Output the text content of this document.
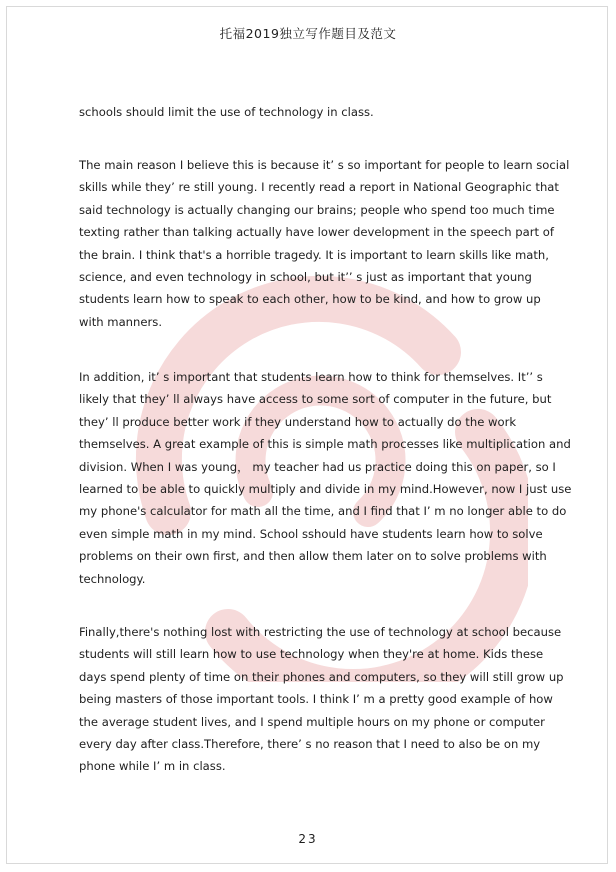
托福2019独立写作题目及范文
schools should limit the use of technology in class.
The main reason I believe this is because it’ s so important for people to learn social
skills while they’ re still young. I recently read a report in National Geographic that
said technology is actually changing our brains; people who spend too much time
texting rather than talking actually have lower development in the speech part of
the brain. I think that's a horrible tragedy. It is important to learn skills like math,
science, and even technology in school, but it’’ s just as important that young
students learn how to speak to each other, how to be kind, and how to grow up
with manners.
In addition, it’ s important that students learn how to think for themselves. It’’ s
likely that they’ ll always have access to some sort of computer in the future, but
they’ ll produce better work if they understand how to actually do the work
themselves. A great example of this is simple math processes like multiplication and
division. When I was young， my teacher had us practice doing this on paper, so I
learned to be able to quickly multiply and divide in my mind.However, now I just use
my phone's calculator for math all the time, and I find that I’ m no longer able to do
even simple math in my mind. School sshould have students learn how to solve
problems on their own first, and then allow them later on to solve problems with
technology.
Finally,there's nothing lost with restricting the use of technology at school because
students will still learn how to use technology when they're at home. Kids these
days spend plenty of time on their phones and computers, so they will still grow up
being masters of those important tools. I think I’ m a pretty good example of how
the average student lives, and I spend multiple hours on my phone or computer
every day after class.Therefore, there’ s no reason that I need to also be on my
phone while I’ m in class.
23
